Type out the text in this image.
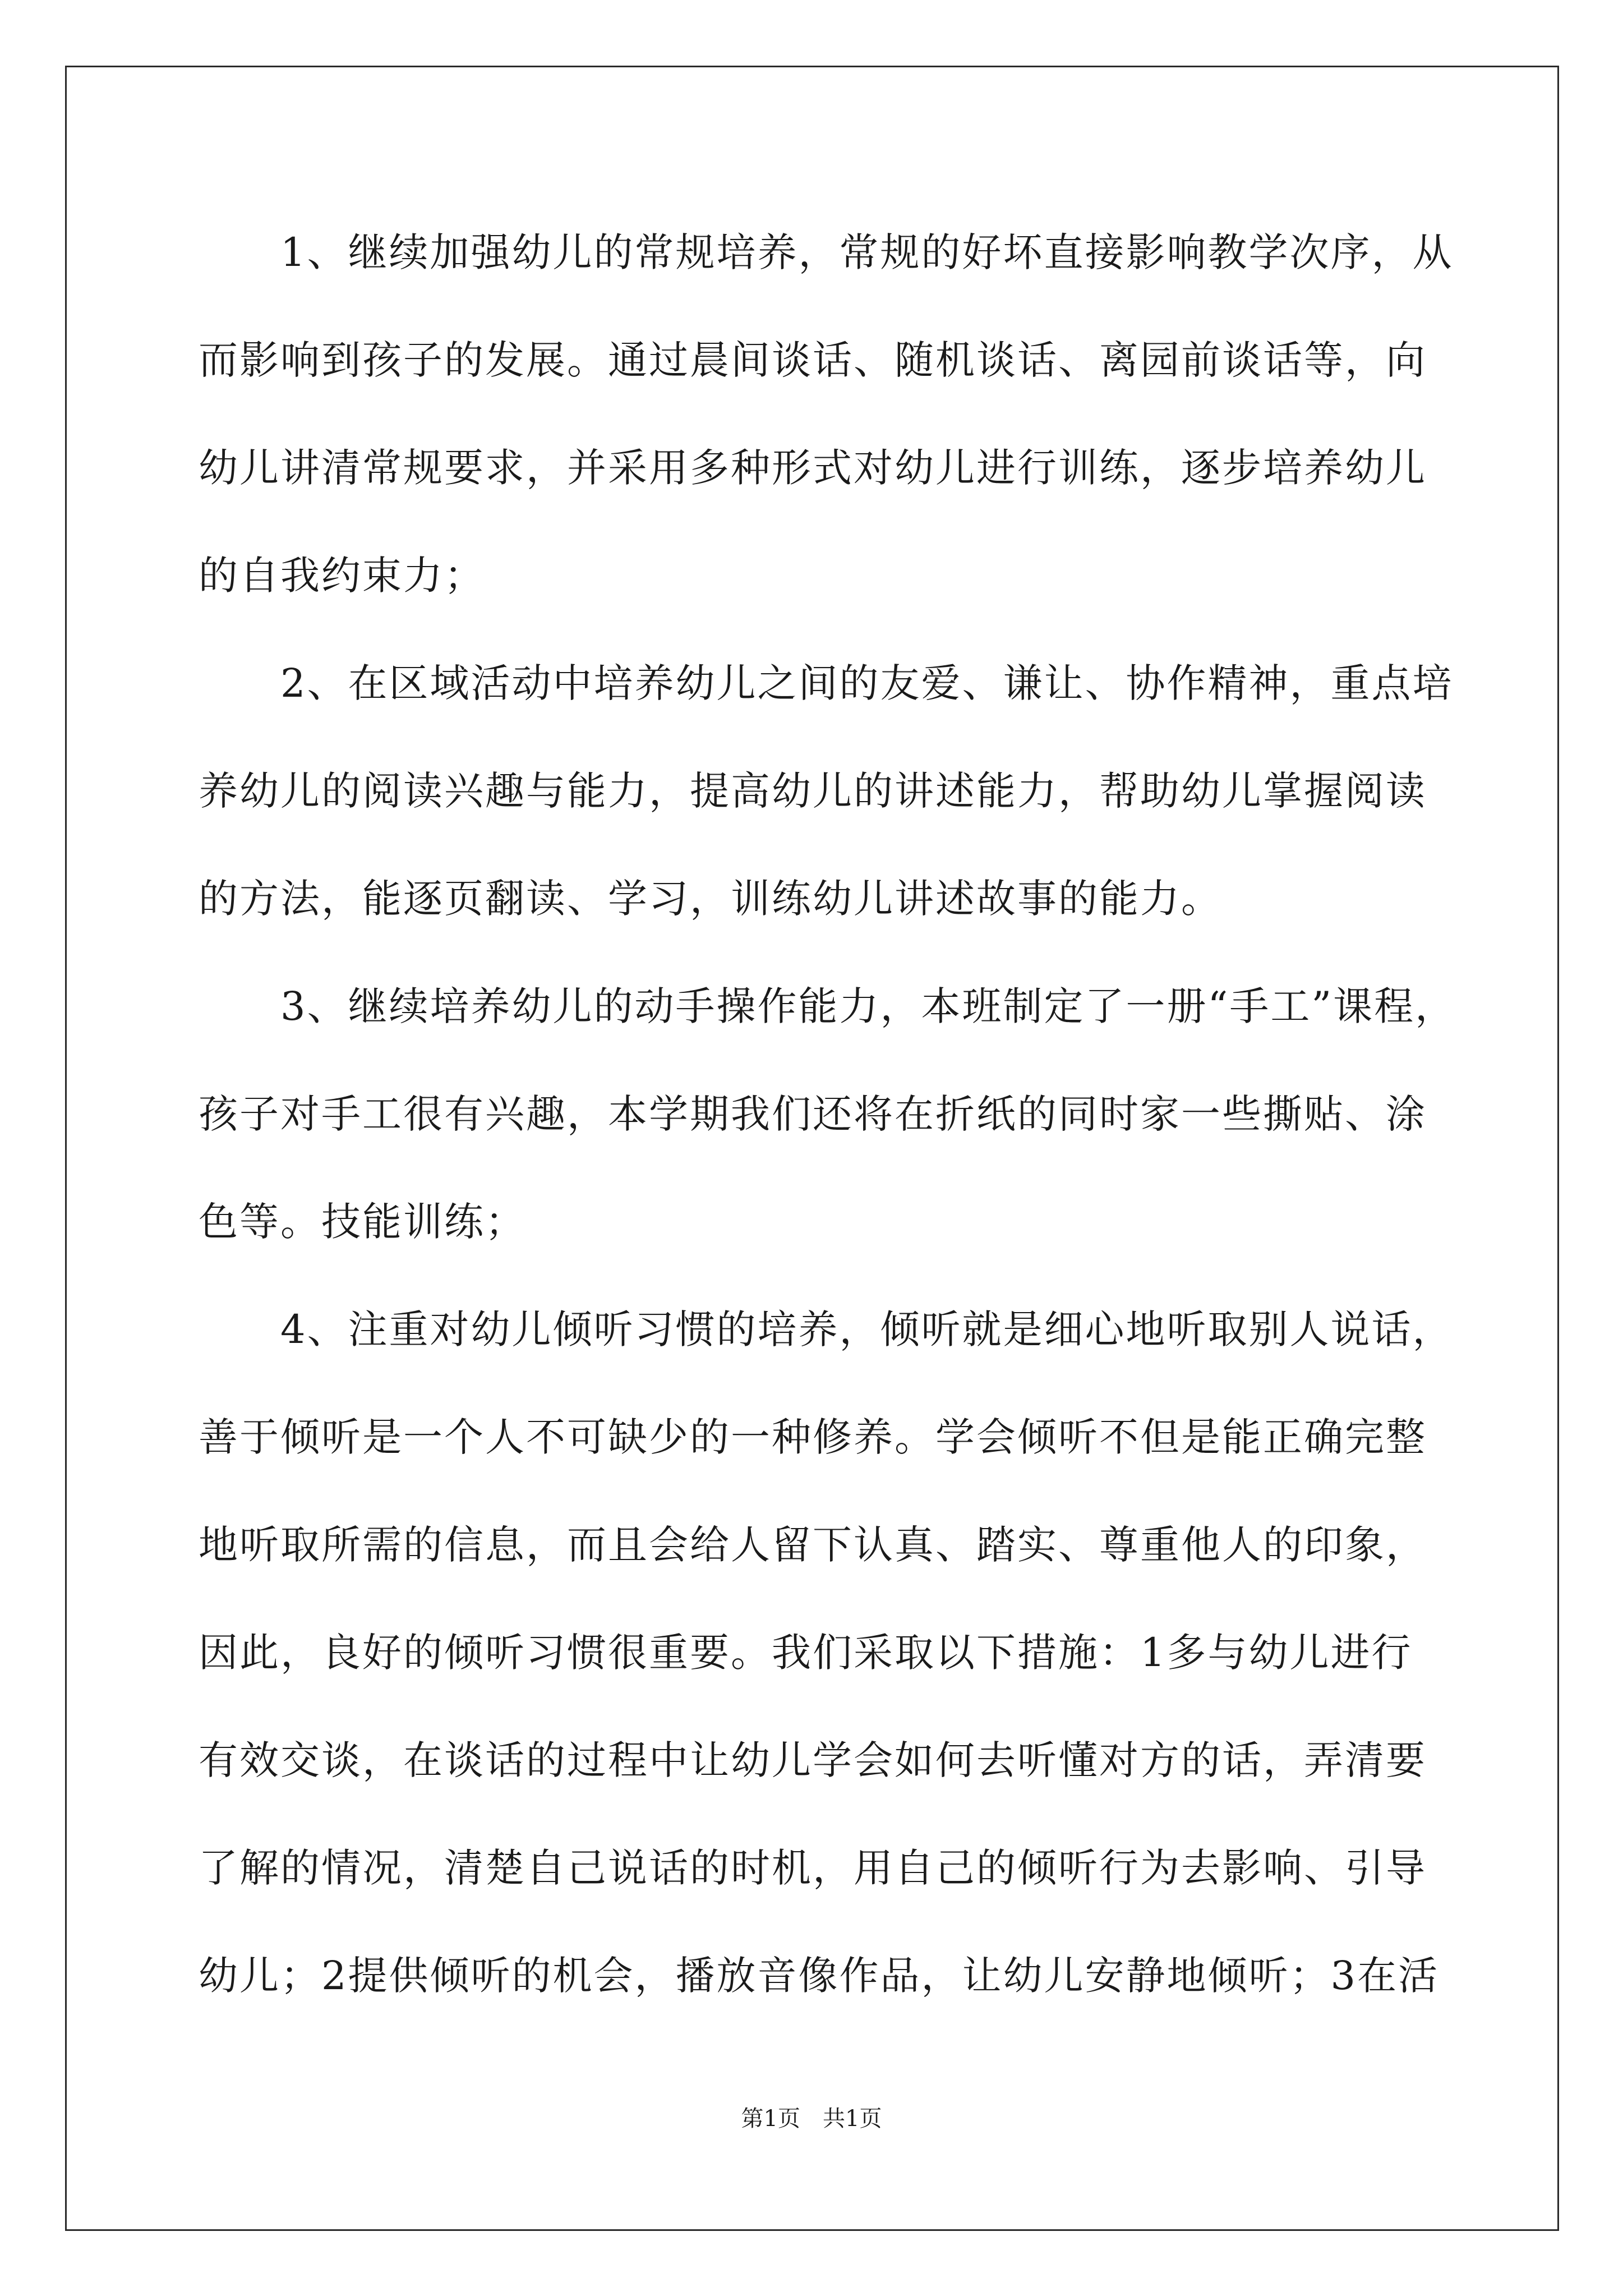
　　1、继续加强幼儿的常规培养，常规的好坏直接影响教学次序，从
而影响到孩子的发展。通过晨间谈话、随机谈话、离园前谈话等，向
幼儿讲清常规要求，并采用多种形式对幼儿进行训练，逐步培养幼儿
的自我约束力；
　　2、在区域活动中培养幼儿之间的友爱、谦让、协作精神，重点培
养幼儿的阅读兴趣与能力，提高幼儿的讲述能力，帮助幼儿掌握阅读
的方法，能逐页翻读、学习，训练幼儿讲述故事的能力。
　　3、继续培养幼儿的动手操作能力，本班制定了一册“手工”课程，
孩子对手工很有兴趣，本学期我们还将在折纸的同时家一些撕贴、涂
色等。技能训练；
　　4、注重对幼儿倾听习惯的培养，倾听就是细心地听取别人说话，
善于倾听是一个人不可缺少的一种修养。学会倾听不但是能正确完整
地听取所需的信息，而且会给人留下认真、踏实、尊重他人的印象，
因此，良好的倾听习惯很重要。我们采取以下措施：1多与幼儿进行
有效交谈，在谈话的过程中让幼儿学会如何去听懂对方的话，弄清要
了解的情况，清楚自己说话的时机，用自己的倾听行为去影响、引导
幼儿；2提供倾听的机会，播放音像作品，让幼儿安静地倾听；3在活
第1页　共1页
